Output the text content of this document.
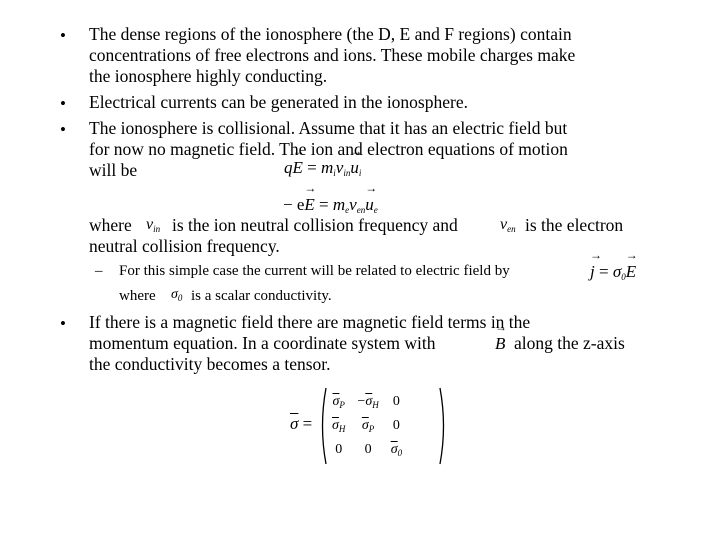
• The dense regions of the ionosphere (the D, E and F regions) contain
concentrations of free electrons and ions. These mobile charges make
the ionosphere highly conducting.
• Electrical currents can be generated in the ionosphere.
• The ionosphere is collisional. Assume that it has an electric field but
for now no magnetic field. The ion and electron equations of motion
will be	q→ E = miνin→ ui
− e→ E = meνen→ ue
where νin is the ion neutral collision frequency and	νen is the electron
neutral collision frequency.
– For this simple case the current will be related to electric field by	→ j = σ0→ E
where $\sigma_0$ is a scalar conductivity.
• If there is a magnetic field there are magnetic field terms in the
momentum equation. In a coordinate system with	→ B along the z-axis
the conductivity becomes a tensor.
$\overline{\sigma}$ =
$\overline{\sigma}_P$	$-\overline{\sigma}_H$	0
$\overline{\sigma}_H$	$\overline{\sigma}_P$	0
0	0	$\overline{\sigma}_0$
